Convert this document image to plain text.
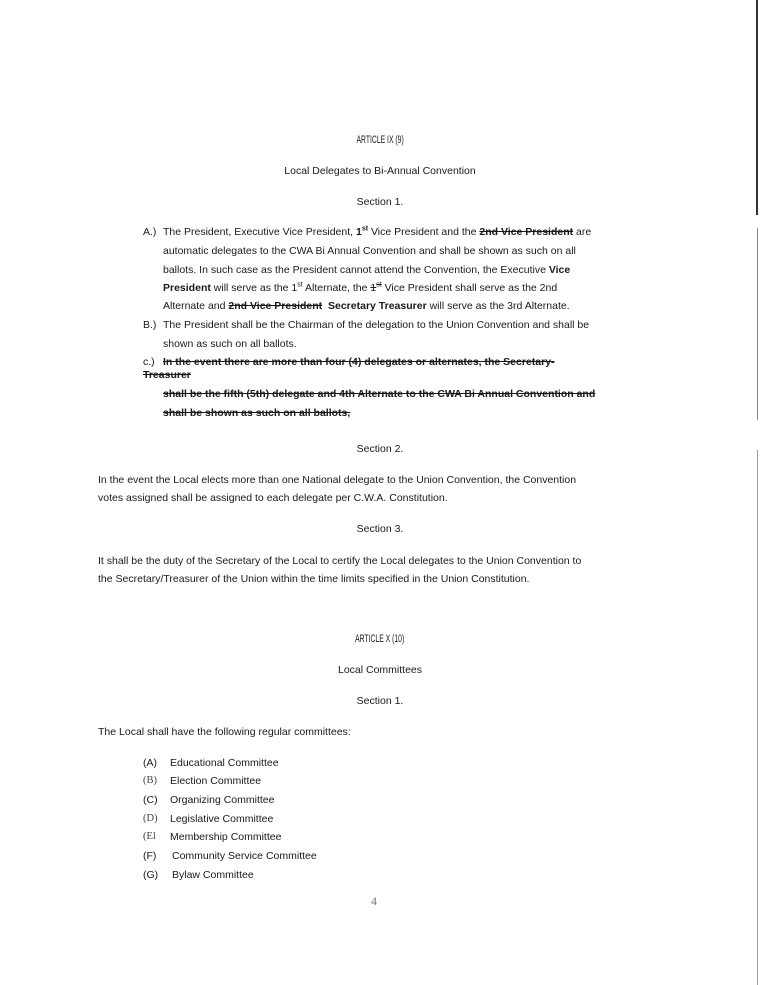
ARTICLE IX (9)
Local Delegates to Bi-Annual Convention
Section 1.
A.) The President, Executive Vice President, 1st Vice President and the 2nd Vice President are
automatic delegates to the CWA Bi Annual Convention and shall be shown as such on all
ballots. In such case as the President cannot attend the Convention, the Executive Vice
President will serve as the 1st Alternate, the 1st Vice President shall serve as the 2nd
Alternate and 2nd Vice President Secretary Treasurer will serve as the 3rd Alternate.
B.) The President shall be the Chairman of the delegation to the Union Convention and shall be
shown as such on all ballots.
c.) In the event there are more than four (4) delegates or alternates, the Secretary-
Treasurer
shall be the fifth (5th) delegate and 4th Alternate to the CWA Bi Annual Convention and
shall be shown as such on all ballots,
Section 2.
In the event the Local elects more than one National delegate to the Union Convention, the Convention
votes assigned shall be assigned to each delegate per C.W.A. Constitution.
Section 3.
It shall be the duty of the Secretary of the Local to certify the Local delegates to the Union Convention to
the Secretary/Treasurer of the Union within the time limits specified in the Union Constitution.
ARTICLE X (10)
Local Committees
Section 1.
The Local shall have the following regular committees:
(A) Educational Committee
(B) Election Committee
(C) Organizing Committee
(D) Legislative Committee
(El Membership Committee
(F) Community Service Committee
(G) Bylaw Committee
4
